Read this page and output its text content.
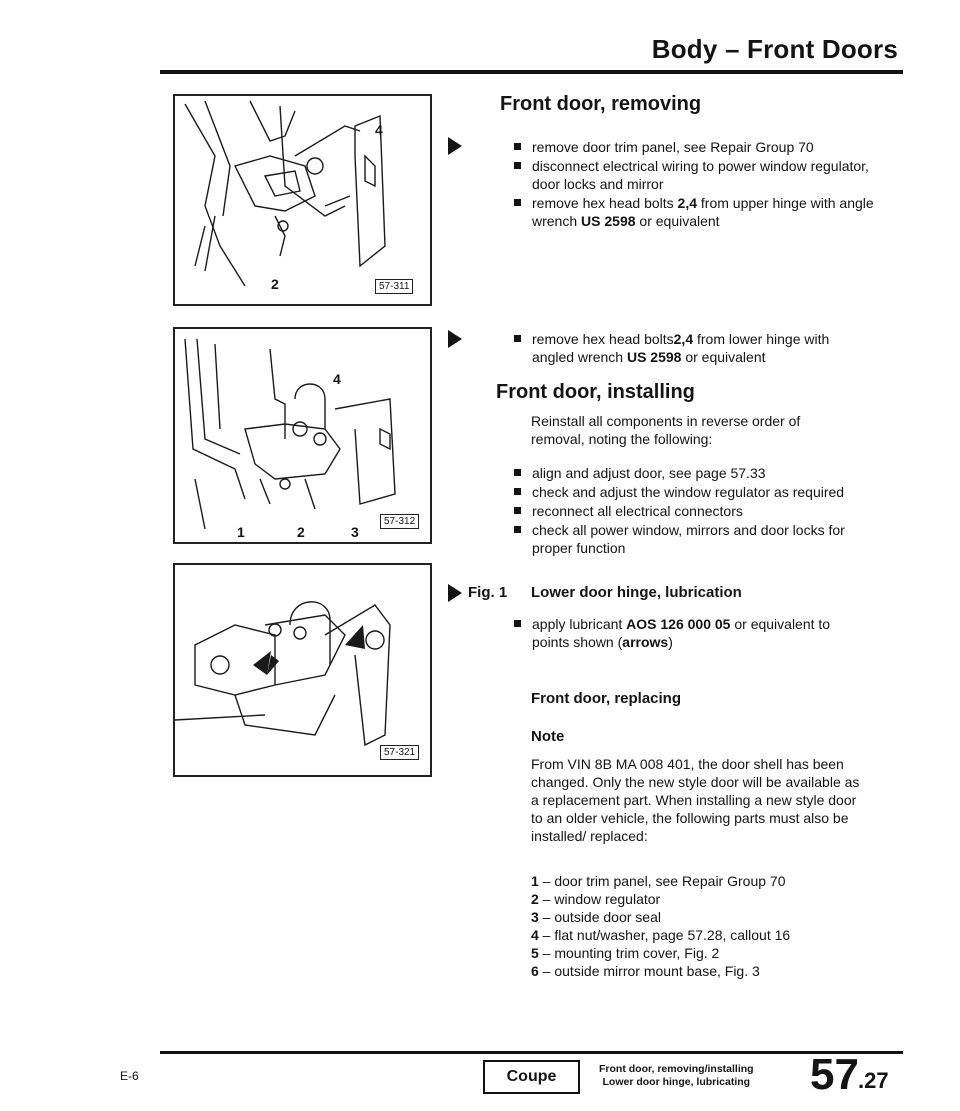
Body – Front Doors
4
2	57-311
4
1	2	3
57-312
57-321
Front door, removing
remove door trim panel, see Repair Group 70
disconnect electrical wiring to power window regulator, door locks and mirror
remove hex head bolts 2,4 from upper hinge with angle wrench US 2598 or equivalent
remove hex head bolts2,4 from lower hinge with angled wrench US 2598 or equivalent
Front door, installing
Reinstall all components in reverse order of removal, noting the following:
align and adjust door, see page 57.33
check and adjust the window regulator as required
reconnect all electrical connectors
check all power window, mirrors and door locks for proper function
Fig. 1 Lower door hinge, lubrication
apply lubricant AOS 126 000 05 or equivalent to points shown (arrows)
Front door, replacing
Note
From VIN 8B MA 008 401, the door shell has been changed. Only the new style door will be available as a replacement part. When installing a new style door to an older vehicle, the following parts must also be installed/ replaced:
1 – door trim panel, see Repair Group 70
2 – window regulator
3 – outside door seal
4 – flat nut/washer, page 57.28, callout 16
5 – mounting trim cover, Fig. 2
6 – outside mirror mount base, Fig. 3
E-6	Coupe	Front door, removing/installing
Lower door hinge, lubricating 57 .27
